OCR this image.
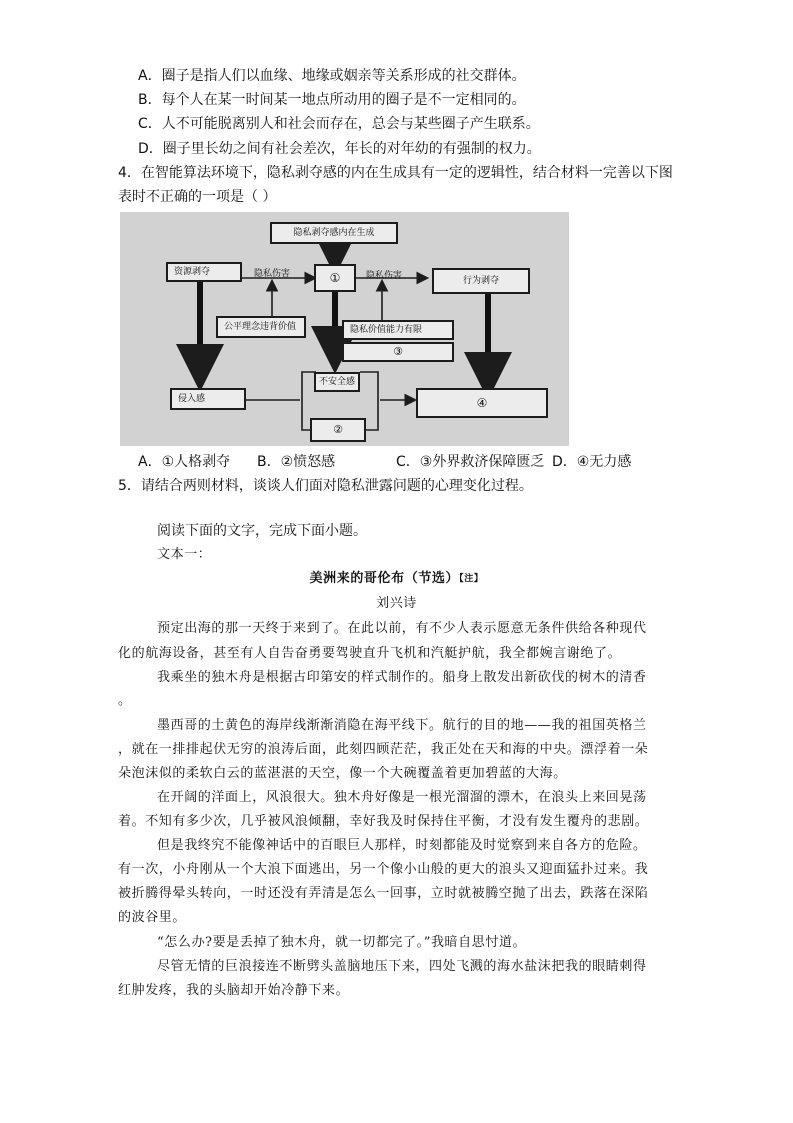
A．圈子是指人们以血缘、地缘或姻亲等关系形成的社交群体。
B．每个人在某一时间某一地点所动用的圈子是不一定相同的。
C．人不可能脱离别人和社会而存在，总会与某些圈子产生联系。
D．圈子里长幼之间有社会差次，年长的对年幼的有强制的权力。
4．在智能算法环境下，隐私剥夺感的内在生成具有一定的逻辑性，结合材料一完善以下图
表时不正确的一项是（ ）
隐私剥夺感内在生成
资源剥夺	①
隐私伤害	隐私伤害	行为剥夺
公平理念违背价值	隐私价值能力有限
③
侵入感
不安全感
②
④
A．①人格剥夺 B．②愤怒感	C．③外界救济保障匮乏 D．④无力感
5．请结合两则材料，谈谈人们面对隐私泄露问题的心理变化过程。
阅读下面的文字，完成下面小题。
文本一：
美洲来的哥伦布（节选）$^{【注】}$
刘兴诗
预定出海的那一天终于来到了。在此以前，有不少人表示愿意无条件供给各种现代
化的航海设备，甚至有人自告奋勇要驾驶直升飞机和汽艇护航，我全都婉言谢绝了。
我乘坐的独木舟是根据古印第安的样式制作的。船身上散发出新砍伐的树木的清香
。
墨西哥的土黄色的海岸线渐渐消隐在海平线下。航行的目的地——我的祖国英格兰
，就在一排排起伏无穷的浪涛后面，此刻四顾茫茫，我正处在天和海的中央。漂浮着一朵
朵泡沫似的柔软白云的蓝湛湛的天空，像一个大碗覆盖着更加碧蓝的大海。
在开阔的洋面上，风浪很大。独木舟好像是一根光溜溜的漂木，在浪头上来回晃荡
着。不知有多少次，几乎被风浪倾翻，幸好我及时保持住平衡，才没有发生覆舟的悲剧。
但是我终究不能像神话中的百眼巨人那样，时刻都能及时觉察到来自各方的危险。
有一次，小舟刚从一个大浪下面逃出，另一个像小山般的更大的浪头又迎面猛扑过来。我
被折腾得晕头转向，一时还没有弄清是怎么一回事，立时就被腾空抛了出去，跌落在深陷
的波谷里。
“怎么办?要是丢掉了独木舟，就一切都完了。”我暗自思忖道。
尽管无情的巨浪接连不断劈头盖脑地压下来，四处飞溅的海水盐沫把我的眼睛刺得
红肿发疼，我的头脑却开始冷静下来。
